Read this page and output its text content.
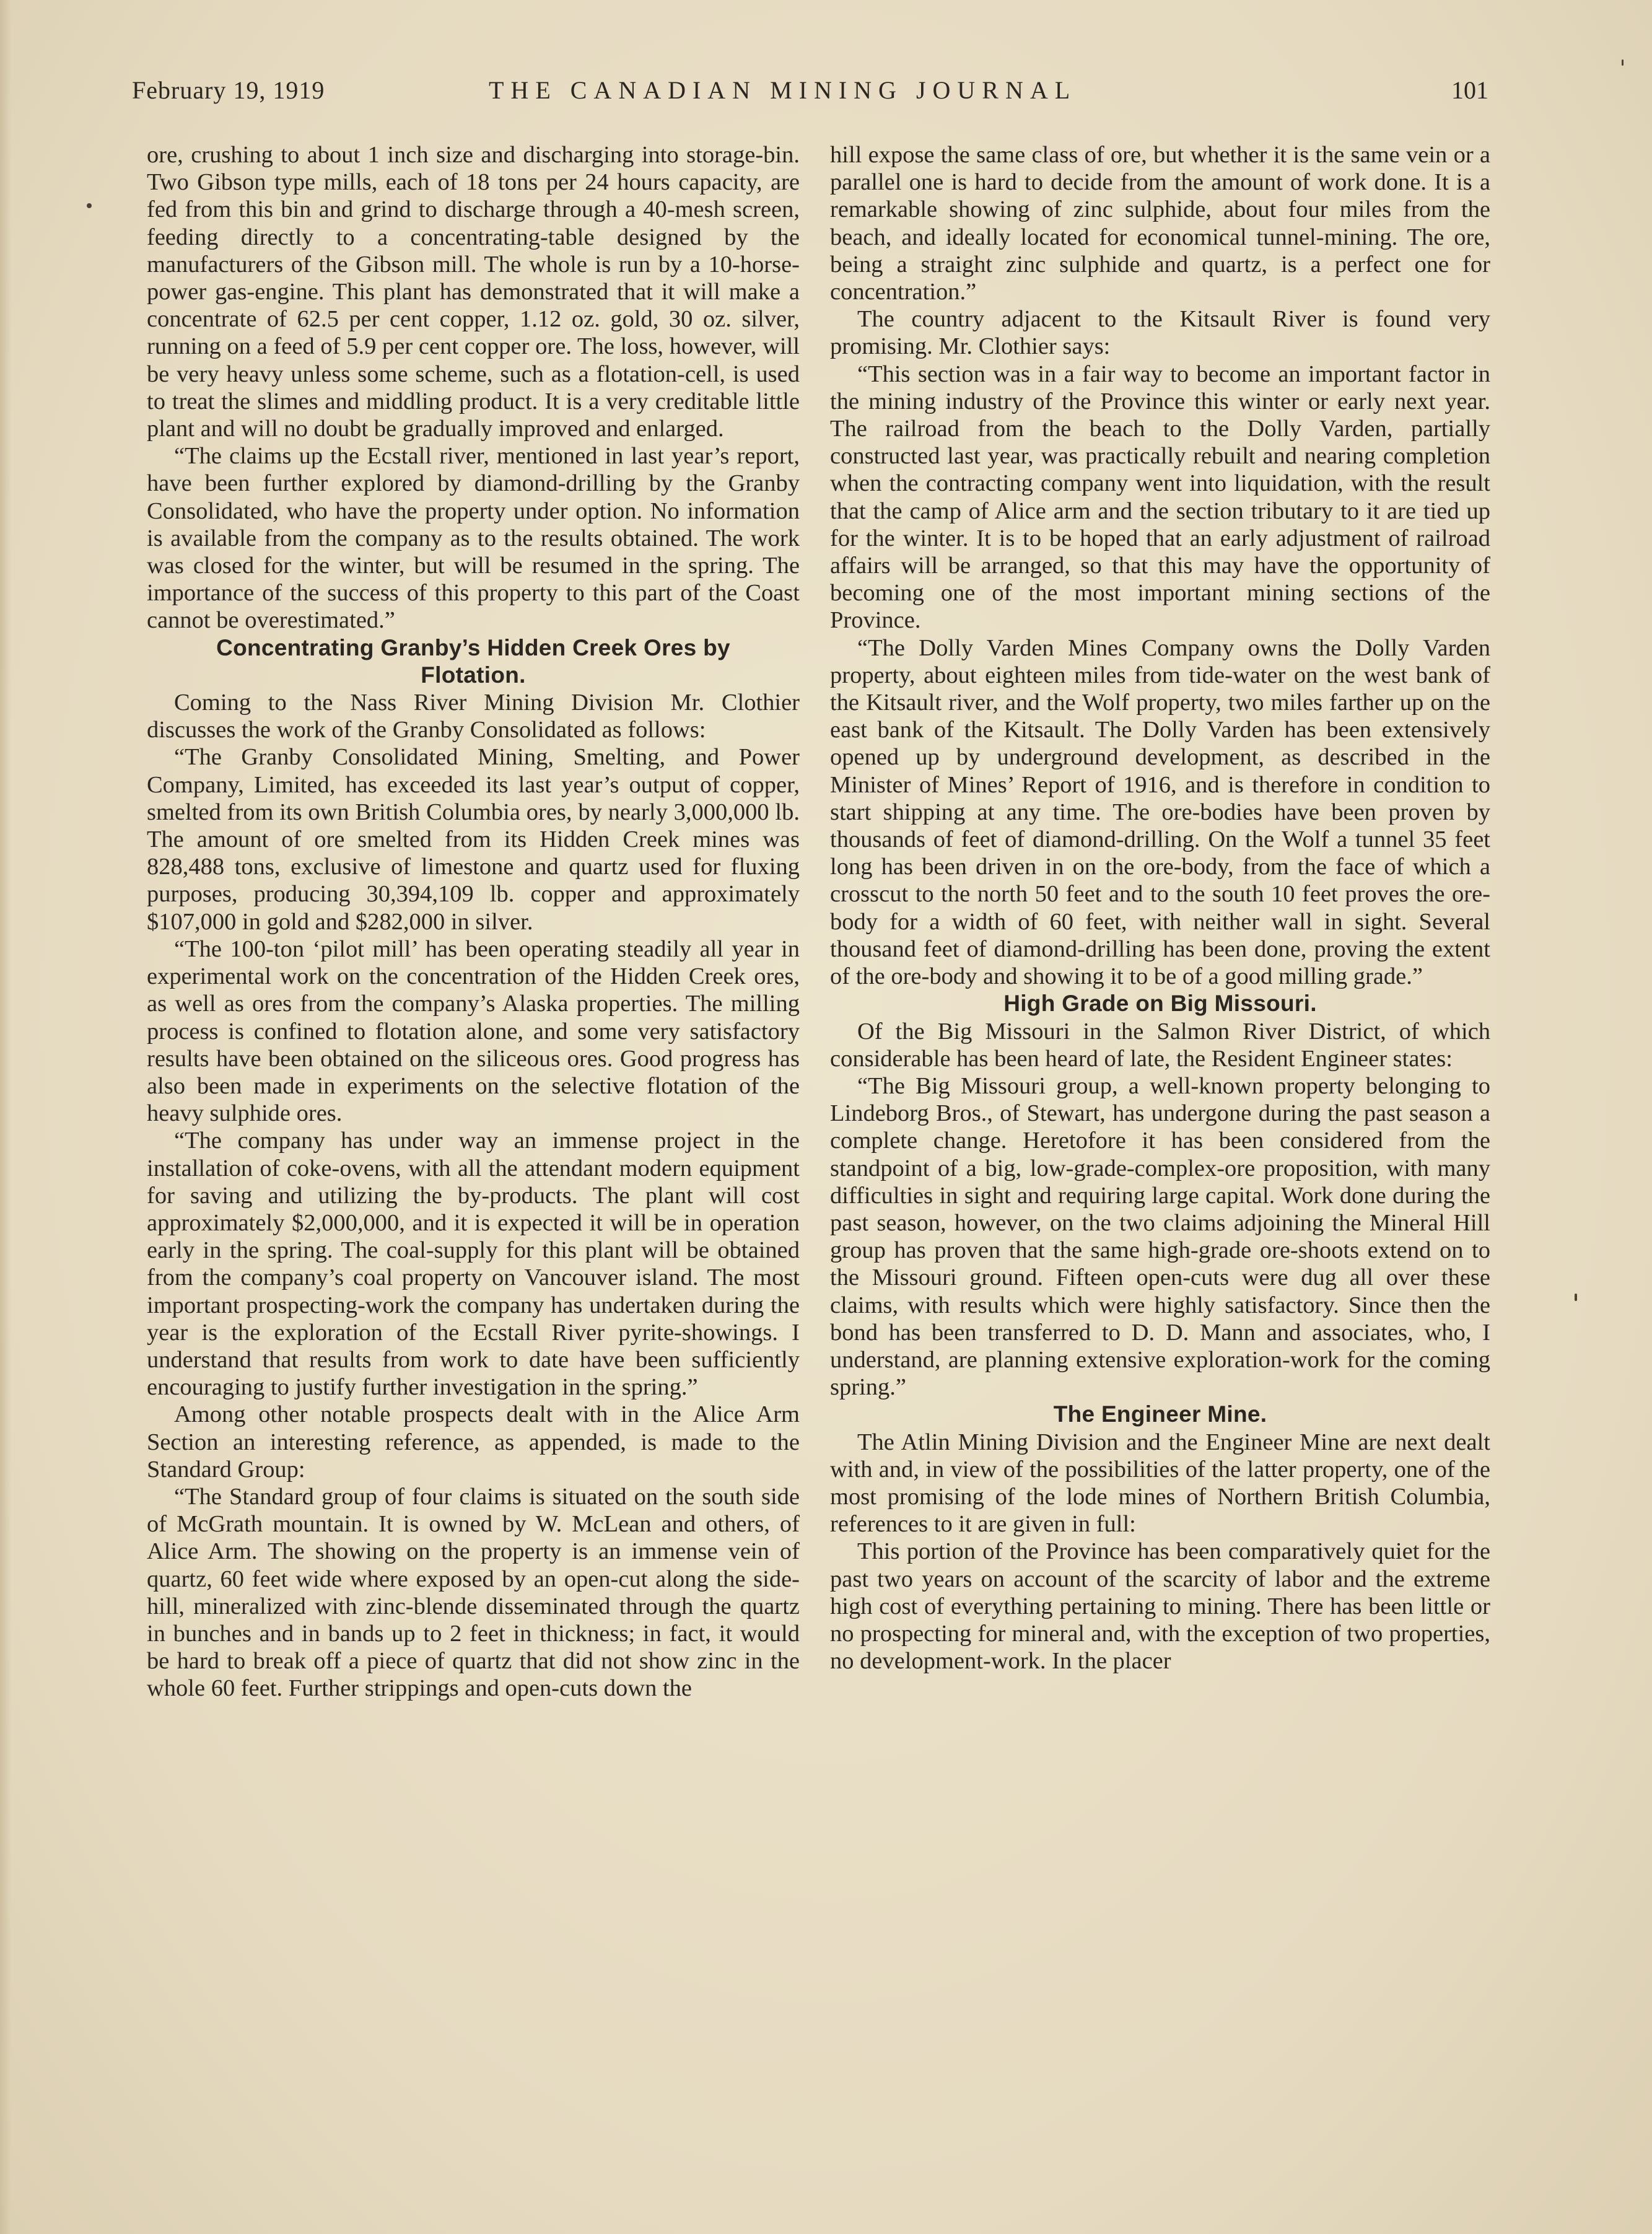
February 19, 1919	THE CANADIAN MINING JOURNAL	101

ore, crushing to about 1 inch size and discharging into storage-bin. Two Gibson type mills, each of 18 tons per 24 hours capacity, are fed from this bin and grind to discharge through a 40-mesh screen, feeding directly to a concentrating-table designed by the manufacturers of the Gibson mill. The whole is run by a 10-horse-power gas-engine. This plant has demonstrated that it will make a concentrate of 62.5 per cent copper, 1.12 oz. gold, 30 oz. silver, running on a feed of 5.9 per cent copper ore. The loss, however, will be very heavy unless some scheme, such as a flotation-cell, is used to treat the slimes and middling product. It is a very creditable little plant and will no doubt be gradually improved and enlarged.

“The claims up the Ecstall river, mentioned in last year’s report, have been further explored by diamond-drilling by the Granby Consolidated, who have the property under option. No information is available from the company as to the results obtained. The work was closed for the winter, but will be resumed in the spring. The importance of the success of this property to this part of the Coast cannot be overestimated.”

Concentrating Granby’s Hidden Creek Ores by Flotation.

Coming to the Nass River Mining Division Mr. Clothier discusses the work of the Granby Consolidated as follows:

“The Granby Consolidated Mining, Smelting, and Power Company, Limited, has exceeded its last year’s output of copper, smelted from its own British Columbia ores, by nearly 3,000,000 lb. The amount of ore smelted from its Hidden Creek mines was 828,488 tons, exclusive of limestone and quartz used for fluxing purposes, producing 30,394,109 lb. copper and approximately $107,000 in gold and $282,000 in silver.

“The 100-ton ‘pilot mill’ has been operating steadily all year in experimental work on the concentration of the Hidden Creek ores, as well as ores from the company’s Alaska properties. The milling process is confined to flotation alone, and some very satisfactory results have been obtained on the siliceous ores. Good progress has also been made in experiments on the selective flotation of the heavy sulphide ores.

“The company has under way an immense project in the installation of coke-ovens, with all the attendant modern equipment for saving and utilizing the by-products. The plant will cost approximately $2,000,000, and it is expected it will be in operation early in the spring. The coal-supply for this plant will be obtained from the company’s coal property on Vancouver island. The most important prospecting-work the company has undertaken during the year is the exploration of the Ecstall River pyrite-showings. I understand that results from work to date have been sufficiently encouraging to justify further investigation in the spring.”

Among other notable prospects dealt with in the Alice Arm Section an interesting reference, as appended, is made to the Standard Group:

“The Standard group of four claims is situated on the south side of McGrath mountain. It is owned by W. McLean and others, of Alice Arm. The showing on the property is an immense vein of quartz, 60 feet wide where exposed by an open-cut along the side-hill, mineralized with zinc-blende disseminated through the quartz in bunches and in bands up to 2 feet in thickness; in fact, it would be hard to break off a piece of quartz that did not show zinc in the whole 60 feet. Further strippings and open-cuts down the

hill expose the same class of ore, but whether it is the same vein or a parallel one is hard to decide from the amount of work done. It is a remarkable showing of zinc sulphide, about four miles from the beach, and ideally located for economical tunnel-mining. The ore, being a straight zinc sulphide and quartz, is a perfect one for concentration.”

The country adjacent to the Kitsault River is found very promising. Mr. Clothier says:

“This section was in a fair way to become an important factor in the mining industry of the Province this winter or early next year. The railroad from the beach to the Dolly Varden, partially constructed last year, was practically rebuilt and nearing completion when the contracting company went into liquidation, with the result that the camp of Alice arm and the section tributary to it are tied up for the winter. It is to be hoped that an early adjustment of railroad affairs will be arranged, so that this may have the opportunity of becoming one of the most important mining sections of the Province.

“The Dolly Varden Mines Company owns the Dolly Varden property, about eighteen miles from tide-water on the west bank of the Kitsault river, and the Wolf property, two miles farther up on the east bank of the Kitsault. The Dolly Varden has been extensively opened up by underground development, as described in the Minister of Mines’ Report of 1916, and is therefore in condition to start shipping at any time. The ore-bodies have been proven by thousands of feet of diamond-drilling. On the Wolf a tunnel 35 feet long has been driven in on the ore-body, from the face of which a crosscut to the north 50 feet and to the south 10 feet proves the ore-body for a width of 60 feet, with neither wall in sight. Several thousand feet of diamond-drilling has been done, proving the extent of the ore-body and showing it to be of a good milling grade.”

High Grade on Big Missouri.

Of the Big Missouri in the Salmon River District, of which considerable has been heard of late, the Resident Engineer states:

“The Big Missouri group, a well-known property belonging to Lindeborg Bros., of Stewart, has undergone during the past season a complete change. Heretofore it has been considered from the standpoint of a big, low-grade-complex-ore proposition, with many difficulties in sight and requiring large capital. Work done during the past season, however, on the two claims adjoining the Mineral Hill group has proven that the same high-grade ore-shoots extend on to the Missouri ground. Fifteen open-cuts were dug all over these claims, with results which were highly satisfactory. Since then the bond has been transferred to D. D. Mann and associates, who, I understand, are planning extensive exploration-work for the coming spring.”

The Engineer Mine.

The Atlin Mining Division and the Engineer Mine are next dealt with and, in view of the possibilities of the latter property, one of the most promising of the lode mines of Northern British Columbia, references to it are given in full:

This portion of the Province has been comparatively quiet for the past two years on account of the scarcity of labor and the extreme high cost of everything pertaining to mining. There has been little or no prospecting for mineral and, with the exception of two properties, no development-work. In the placer
